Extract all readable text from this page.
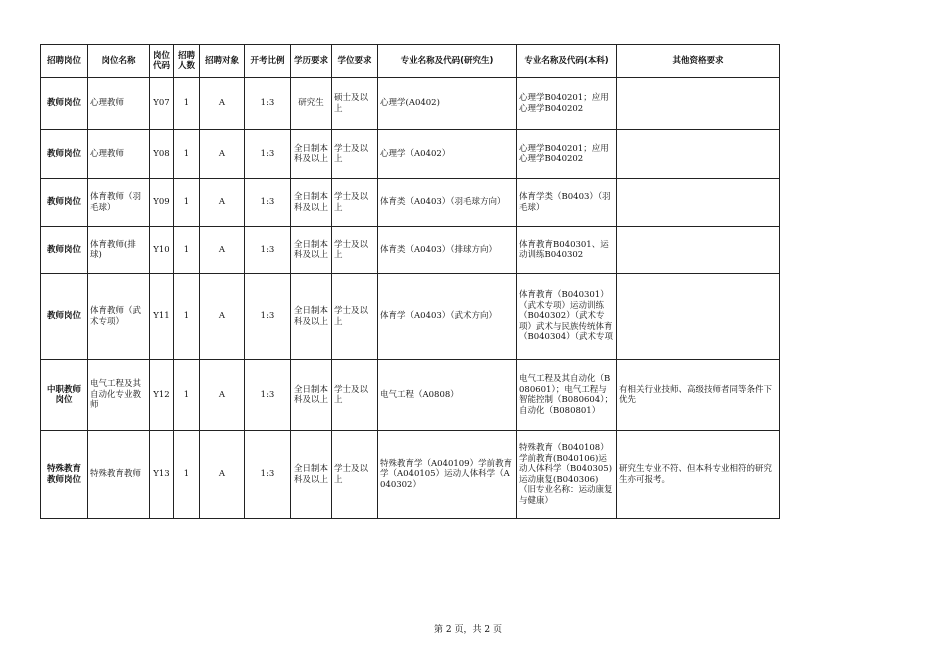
招聘岗位	岗位名称	岗位代码	招聘人数	招聘对象	开考比例	学历要求	学位要求	专业名称及代码(研究生)	专业名称及代码(本科)	其他资格要求
教师岗位	心理教师	Y07	1	A	1:3	研究生	硕士及以上	心理学(A0402)	心理学B040201；应用心理学B040202	
教师岗位	心理教师	Y08	1	A	1:3	全日制本科及以上	学士及以上	心理学（A0402）	心理学B040201；应用心理学B040202	
教师岗位	体育教师（羽毛球）	Y09	1	A	1:3	全日制本科及以上	学士及以上	体育类（A0403）（羽毛球方向）	体育学类（B0403）（羽毛球）	
教师岗位	体育教师(排球)	Y10	1	A	1:3	全日制本科及以上	学士及以上	体育类（A0403）（排球方向）	体育教育B040301、运动训练B040302	
教师岗位	体育教师（武术专项）	Y11	1	A	1:3	全日制本科及以上	学士及以上	体育学（A0403）（武术方向）	体育教育（B040301）（武术专项）运动训练（B040302）（武术专项）武术与民族传统体育（B040304）（武术专项	
中职教师岗位	电气工程及其自动化专业教师	Y12	1	A	1:3	全日制本科及以上	学士及以上	电气工程（A0808）	电气工程及其自动化（B080601）；电气工程与智能控制（B080604）；自动化（B080801）	有相关行业技师、高级技师者同等条件下优先
特殊教育教师岗位	特殊教育教师	Y13	1	A	1:3	全日制本科及以上	学士及以上	特殊教育学（A040109）学前教育学（A040105）运动人体科学（A040302）	特殊教育（B040108）学前教育(B040106)运动人体科学（B040305)运动康复(B040306)（旧专业名称：运动康复与健康）	研究生专业不符、但本科专业相符的研究生亦可报考。
第 2 页，共 2 页
